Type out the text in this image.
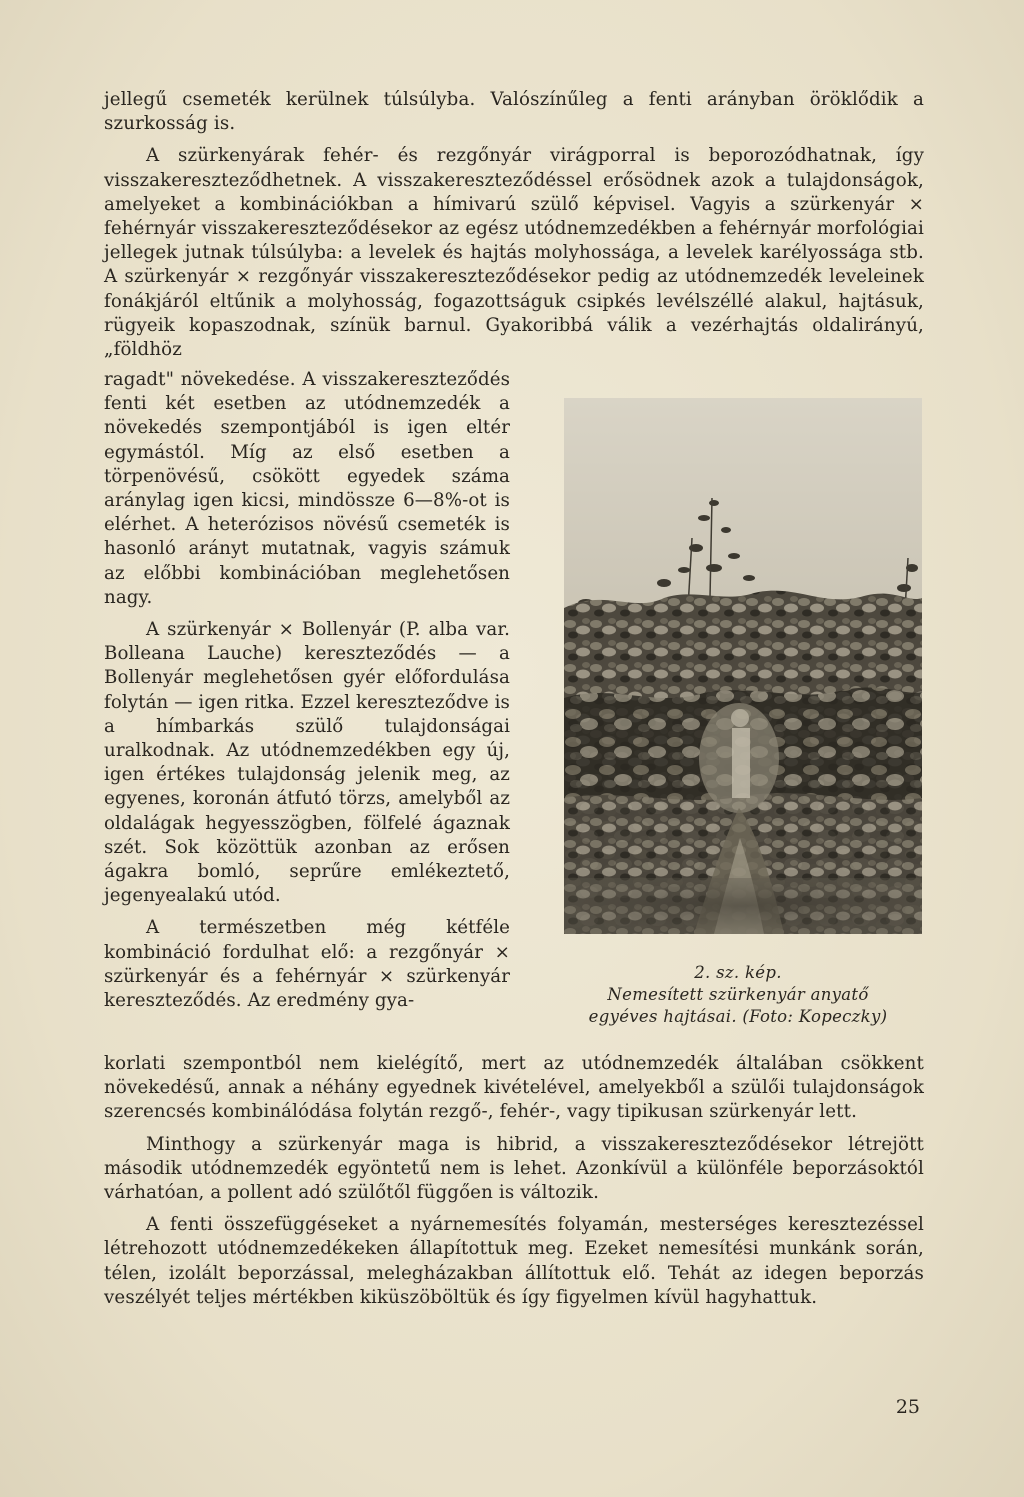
jellegű csemeték kerülnek túlsúlyba. Valószínűleg a fenti arányban öröklődik a szurkosság is.

A szürkenyárak fehér- és rezgőnyár virágporral is beporozódhatnak, így visszakereszteződhetnek. A visszakereszteződéssel erősödnek azok a tulajdonságok, amelyeket a kombinációkban a hímivarú szülő képvisel. Vagyis a szürkenyár ⨯ fehérnyár visszakereszteződésekor az egész utódnemzedékben a fehérnyár morfológiai jellegek jutnak túlsúlyba: a levelek és hajtás molyhossága, a levelek karélyossága stb. A szürkenyár ⨯ rezgőnyár visszakereszteződésekor pedig az utódnemzedék leveleinek fonákjáról eltűnik a molyhosság, fogazottságuk csipkés levélszéllé alakul, hajtásuk, rügyeik kopaszodnak, színük barnul. Gyakoribbá válik a vezérhajtás oldalirányú, „földhöz

ragadt" növekedése. A visszakereszteződés fenti két esetben az utódnemzedék a növekedés szempontjából is igen eltér egymástól. Míg az első esetben a törpenövésű, csökött egyedek száma aránylag igen kicsi, mindössze 6—8%-ot is elérhet. A heterózisos növésű csemeték is hasonló arányt mutatnak, vagyis számuk az előbbi kombinációban meglehetősen nagy.

A szürkenyár ⨯ Bollenyár (P. alba var. Bolleana Lauche) kereszteződés — a Bollenyár meglehetősen gyér előfordulása folytán — igen ritka. Ezzel kereszteződve is a hímbarkás szülő tulajdonságai uralkodnak. Az utódnemzedékben egy új, igen értékes tulajdonság jelenik meg, az egyenes, koronán átfutó törzs, amelyből az oldalágak hegyesszögben, fölfelé ágaznak szét. Sok közöttük azonban az erősen ágakra bomló, seprűre emlékeztető, jegenyealakú utód.

A természetben még kétféle kombináció fordulhat elő: a rezgőnyár ⨯ szürkenyár és a fehérnyár ⨯ szürkenyár kereszteződés. Az eredmény gya-

2. sz. kép.
Nemesített szürkenyár anyatő
egyéves hajtásai. (Foto: Kopeczky)

korlati szempontból nem kielégítő, mert az utódnemzedék általában csökkent növekedésű, annak a néhány egyednek kivételével, amelyekből a szülői tulajdonságok szerencsés kombinálódása folytán rezgő-, fehér-, vagy tipikusan szürkenyár lett.

Minthogy a szürkenyár maga is hibrid, a visszakereszteződésekor létrejött második utódnemzedék egyöntetű nem is lehet. Azonkívül a különféle beporzásoktól várhatóan, a pollent adó szülőtől függően is változik.

A fenti összefüggéseket a nyárnemesítés folyamán, mesterséges keresztezéssel létrehozott utódnemzedékeken állapítottuk meg. Ezeket nemesítési munkánk során, télen, izolált beporzással, melegházakban állítottuk elő. Tehát az idegen beporzás veszélyét teljes mértékben kiküszöböltük és így figyelmen kívül hagyhattuk.

25
